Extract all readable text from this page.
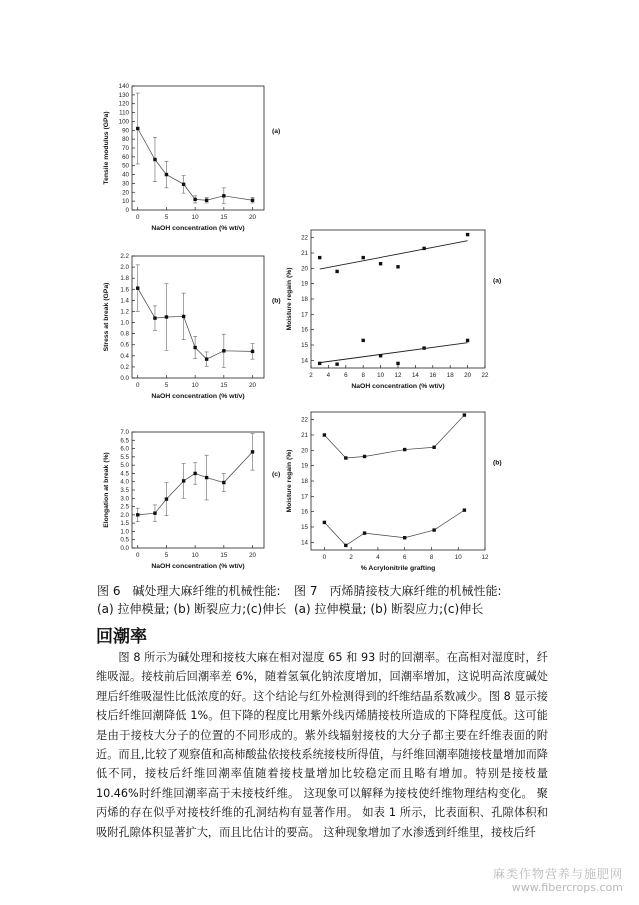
0	5	10	15	20
0
10
20
30
40
50
60
70
80
90
100
110
120
130
140
NaOH concentration (% wt/v)
Tensile modulus (GPa)	(a)
0	5	10	15	20
0.0
0.2
0.4
0.6
0.8
1.0
1.2
1.4
1.6
1.8
2.0
2.2
NaOH concentration (% wt/v)
Stress at break (GPa)	(b)
0	5	10	15	20
0.0
0.5
1.0
1.5
2.0
2.5
3.0
3.5
4.0
4.5
5.0
5.5
6.0
6.5
7.0
NaOH concentration (% wt/v)
Elongation at break (%)	(c)
2 4 6 8 10 12 14 16 18 20 22
14
15
16
17
18
19
20
21
22
NaOH concentration (% wt/v)
Moisture regain (%)	(a)
0	2	4	6	8	10	12
14
15
16
17
18
19
20
21
22
% Acrylonitrile grafting
Moisture regain (%)	(b)
图 6　碱处理大麻纤维的机械性能:
(a) 拉伸模量; (b) 断裂应力;(c)伸长
图 7　丙烯腈接枝大麻纤维的机械性能:
(a) 拉伸模量; (b) 断裂应力;(c)伸长
回潮率

图 8 所示为碱处理和接枝大麻在相对湿度 65 和 93 时的回潮率。在高相对湿度时，纤维吸湿。接枝前后回潮率差 6%，随着氢氧化钠浓度增加，回潮率增加，这说明高浓度碱处理后纤维吸湿性比低浓度的好。这个结论与红外检测得到的纤维结晶系数减少。图 8 显示接枝后纤维回潮降低 1%。但下降的程度比用紫外线丙烯腈接枝所造成的下降程度低。这可能是由于接枝大分子的位置的不同形成的。紫外线辐射接枝的大分子都主要在纤维表面的附近。而且,比较了观察值和高柿酸盐依接枝系统接枝所得值，与纤维回潮率随接枝量增加而降低不同，接枝后纤维回潮率值随着接枝量增加比较稳定而且略有增加。特别是接枝量 10.46%时纤维回潮率高于未接枝纤维。 这现象可以解释为接枝使纤维物理结构变化。 聚丙烯的存在似乎对接枝纤维的孔洞结构有显著作用。 如表 1 所示，比表面积、孔隙体积和吸附孔隙体积显著扩大，而且比估计的要高。 这种现象增加了水渗透到纤维里，接枝后纤

麻类作物营养与施肥网
www.fibercrops.com
